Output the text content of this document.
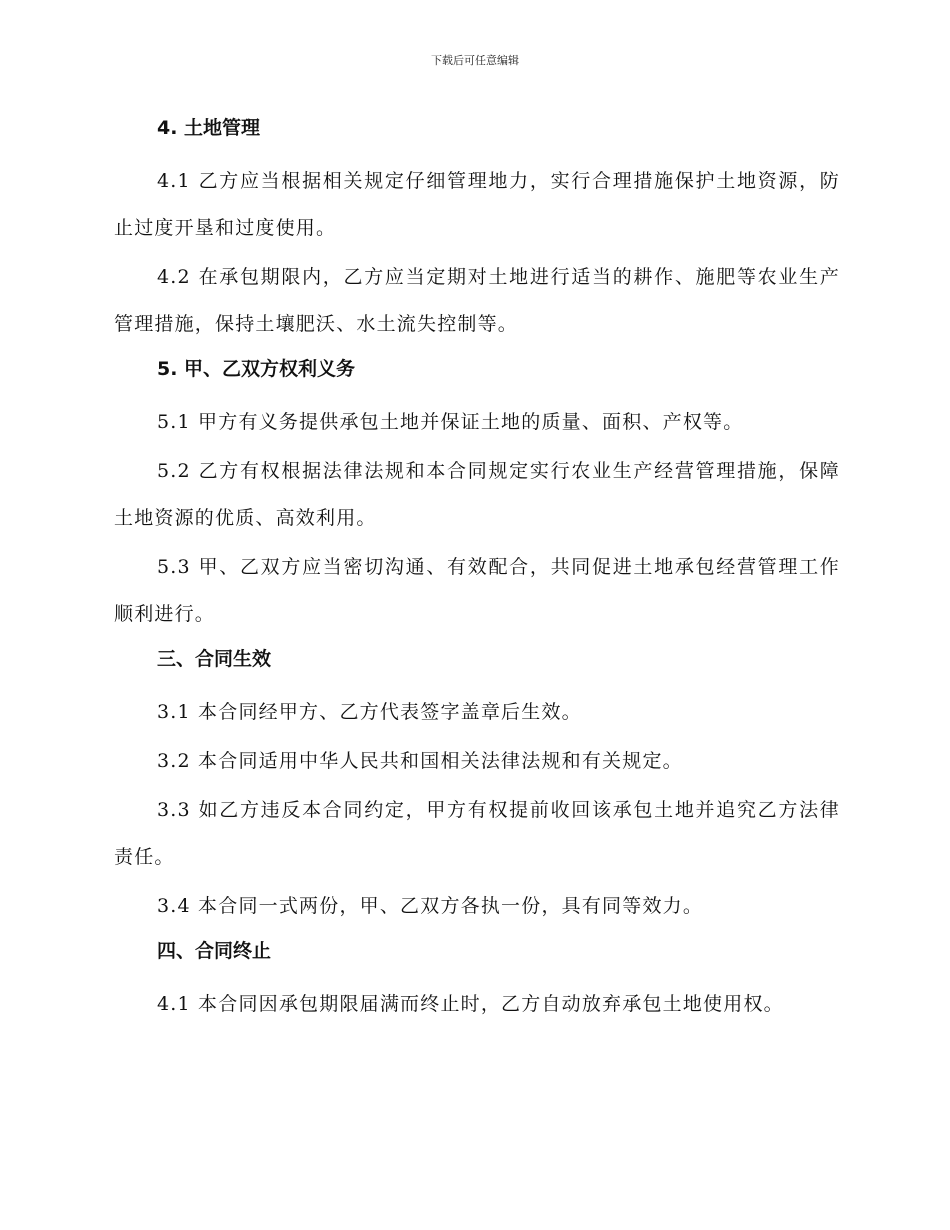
下载后可任意编辑
4. 土地管理

4.1 乙方应当根据相关规定仔细管理地力，实行合理措施保护土地资源，防止过度开垦和过度使用。

4.2 在承包期限内，乙方应当定期对土地进行适当的耕作、施肥等农业生产管理措施，保持土壤肥沃、水土流失控制等。

5. 甲、乙双方权利义务

5.1 甲方有义务提供承包土地并保证土地的质量、面积、产权等。

5.2 乙方有权根据法律法规和本合同规定实行农业生产经营管理措施，保障土地资源的优质、高效利用。

5.3 甲、乙双方应当密切沟通、有效配合，共同促进土地承包经营管理工作顺利进行。

三、合同生效

3.1 本合同经甲方、乙方代表签字盖章后生效。

3.2 本合同适用中华人民共和国相关法律法规和有关规定。

3.3 如乙方违反本合同约定，甲方有权提前收回该承包土地并追究乙方法律责任。

3.4 本合同一式两份，甲、乙双方各执一份，具有同等效力。

四、合同终止

4.1 本合同因承包期限届满而终止时，乙方自动放弃承包土地使用权。
